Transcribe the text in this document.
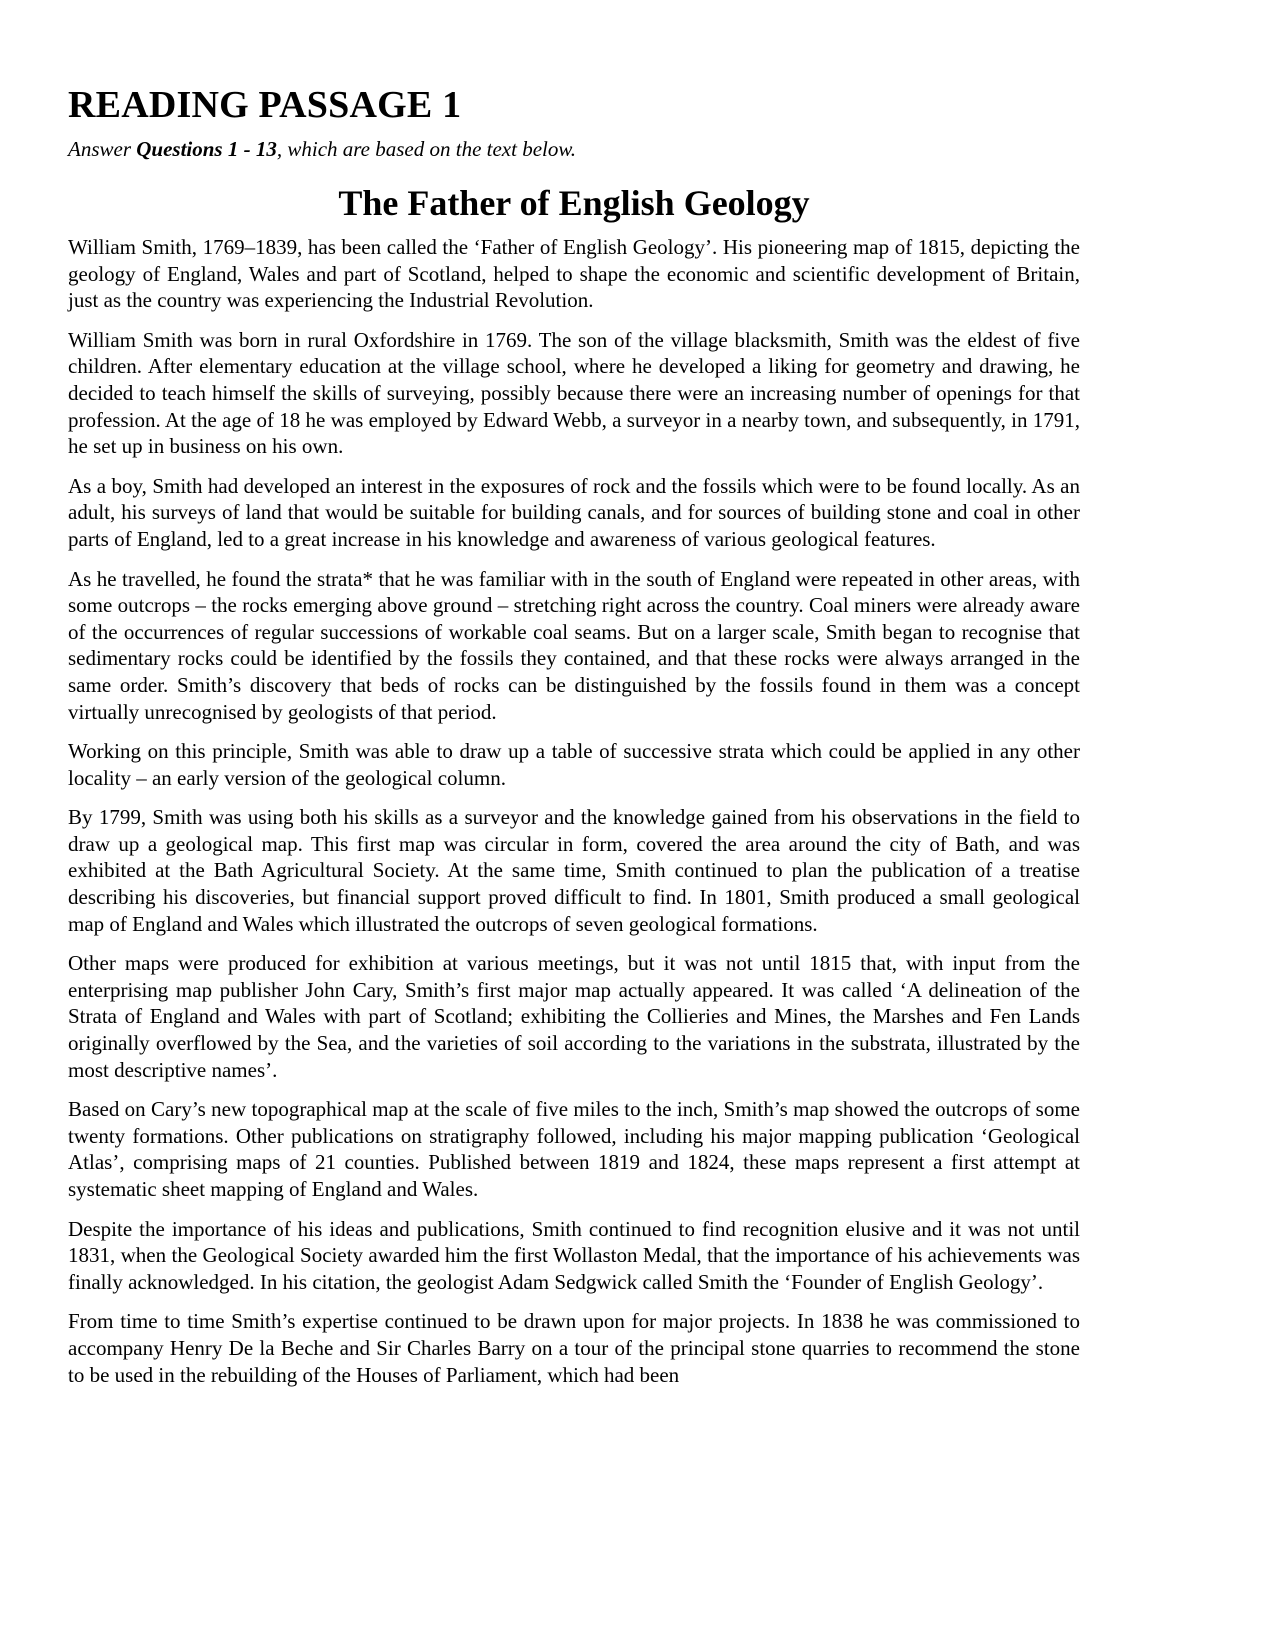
READING PASSAGE 1

Answer Questions 1 - 13, which are based on the text below.

The Father of English Geology

William Smith, 1769–1839, has been called the ‘Father of English Geology’. His pioneering map of 1815, depicting the geology of England, Wales and part of Scotland, helped to shape the economic and scientific development of Britain, just as the country was experiencing the Industrial Revolution.

William Smith was born in rural Oxfordshire in 1769. The son of the village blacksmith, Smith was the eldest of five children. After elementary education at the village school, where he developed a liking for geometry and drawing, he decided to teach himself the skills of surveying, possibly because there were an increasing number of openings for that profession. At the age of 18 he was employed by Edward Webb, a surveyor in a nearby town, and subsequently, in 1791, he set up in business on his own.

As a boy, Smith had developed an interest in the exposures of rock and the fossils which were to be found locally. As an adult, his surveys of land that would be suitable for building canals, and for sources of building stone and coal in other parts of England, led to a great increase in his knowledge and awareness of various geological features.

As he travelled, he found the strata* that he was familiar with in the south of England were repeated in other areas, with some outcrops – the rocks emerging above ground – stretching right across the country. Coal miners were already aware of the occurrences of regular successions of workable coal seams. But on a larger scale, Smith began to recognise that sedimentary rocks could be identified by the fossils they contained, and that these rocks were always arranged in the same order. Smith’s discovery that beds of rocks can be distinguished by the fossils found in them was a concept virtually unrecognised by geologists of that period.

Working on this principle, Smith was able to draw up a table of successive strata which could be applied in any other locality – an early version of the geological column.

By 1799, Smith was using both his skills as a surveyor and the knowledge gained from his observations in the field to draw up a geological map. This first map was circular in form, covered the area around the city of Bath, and was exhibited at the Bath Agricultural Society. At the same time, Smith continued to plan the publication of a treatise describing his discoveries, but financial support proved difficult to find. In 1801, Smith produced a small geological map of England and Wales which illustrated the outcrops of seven geological formations.

Other maps were produced for exhibition at various meetings, but it was not until 1815 that, with input from the enterprising map publisher John Cary, Smith’s first major map actually appeared. It was called ‘A delineation of the Strata of England and Wales with part of Scotland; exhibiting the Collieries and Mines, the Marshes and Fen Lands originally overflowed by the Sea, and the varieties of soil according to the variations in the substrata, illustrated by the most descriptive names’.

Based on Cary’s new topographical map at the scale of five miles to the inch, Smith’s map showed the outcrops of some twenty formations. Other publications on stratigraphy followed, including his major mapping publication ‘Geological Atlas’, comprising maps of 21 counties. Published between 1819 and 1824, these maps represent a first attempt at systematic sheet mapping of England and Wales.

Despite the importance of his ideas and publications, Smith continued to find recognition elusive and it was not until 1831, when the Geological Society awarded him the first Wollaston Medal, that the importance of his achievements was finally acknowledged. In his citation, the geologist Adam Sedgwick called Smith the ‘Founder of English Geology’.

From time to time Smith’s expertise continued to be drawn upon for major projects. In 1838 he was commissioned to accompany Henry De la Beche and Sir Charles Barry on a tour of the principal stone quarries to recommend the stone to be used in the rebuilding of the Houses of Parliament, which had been
